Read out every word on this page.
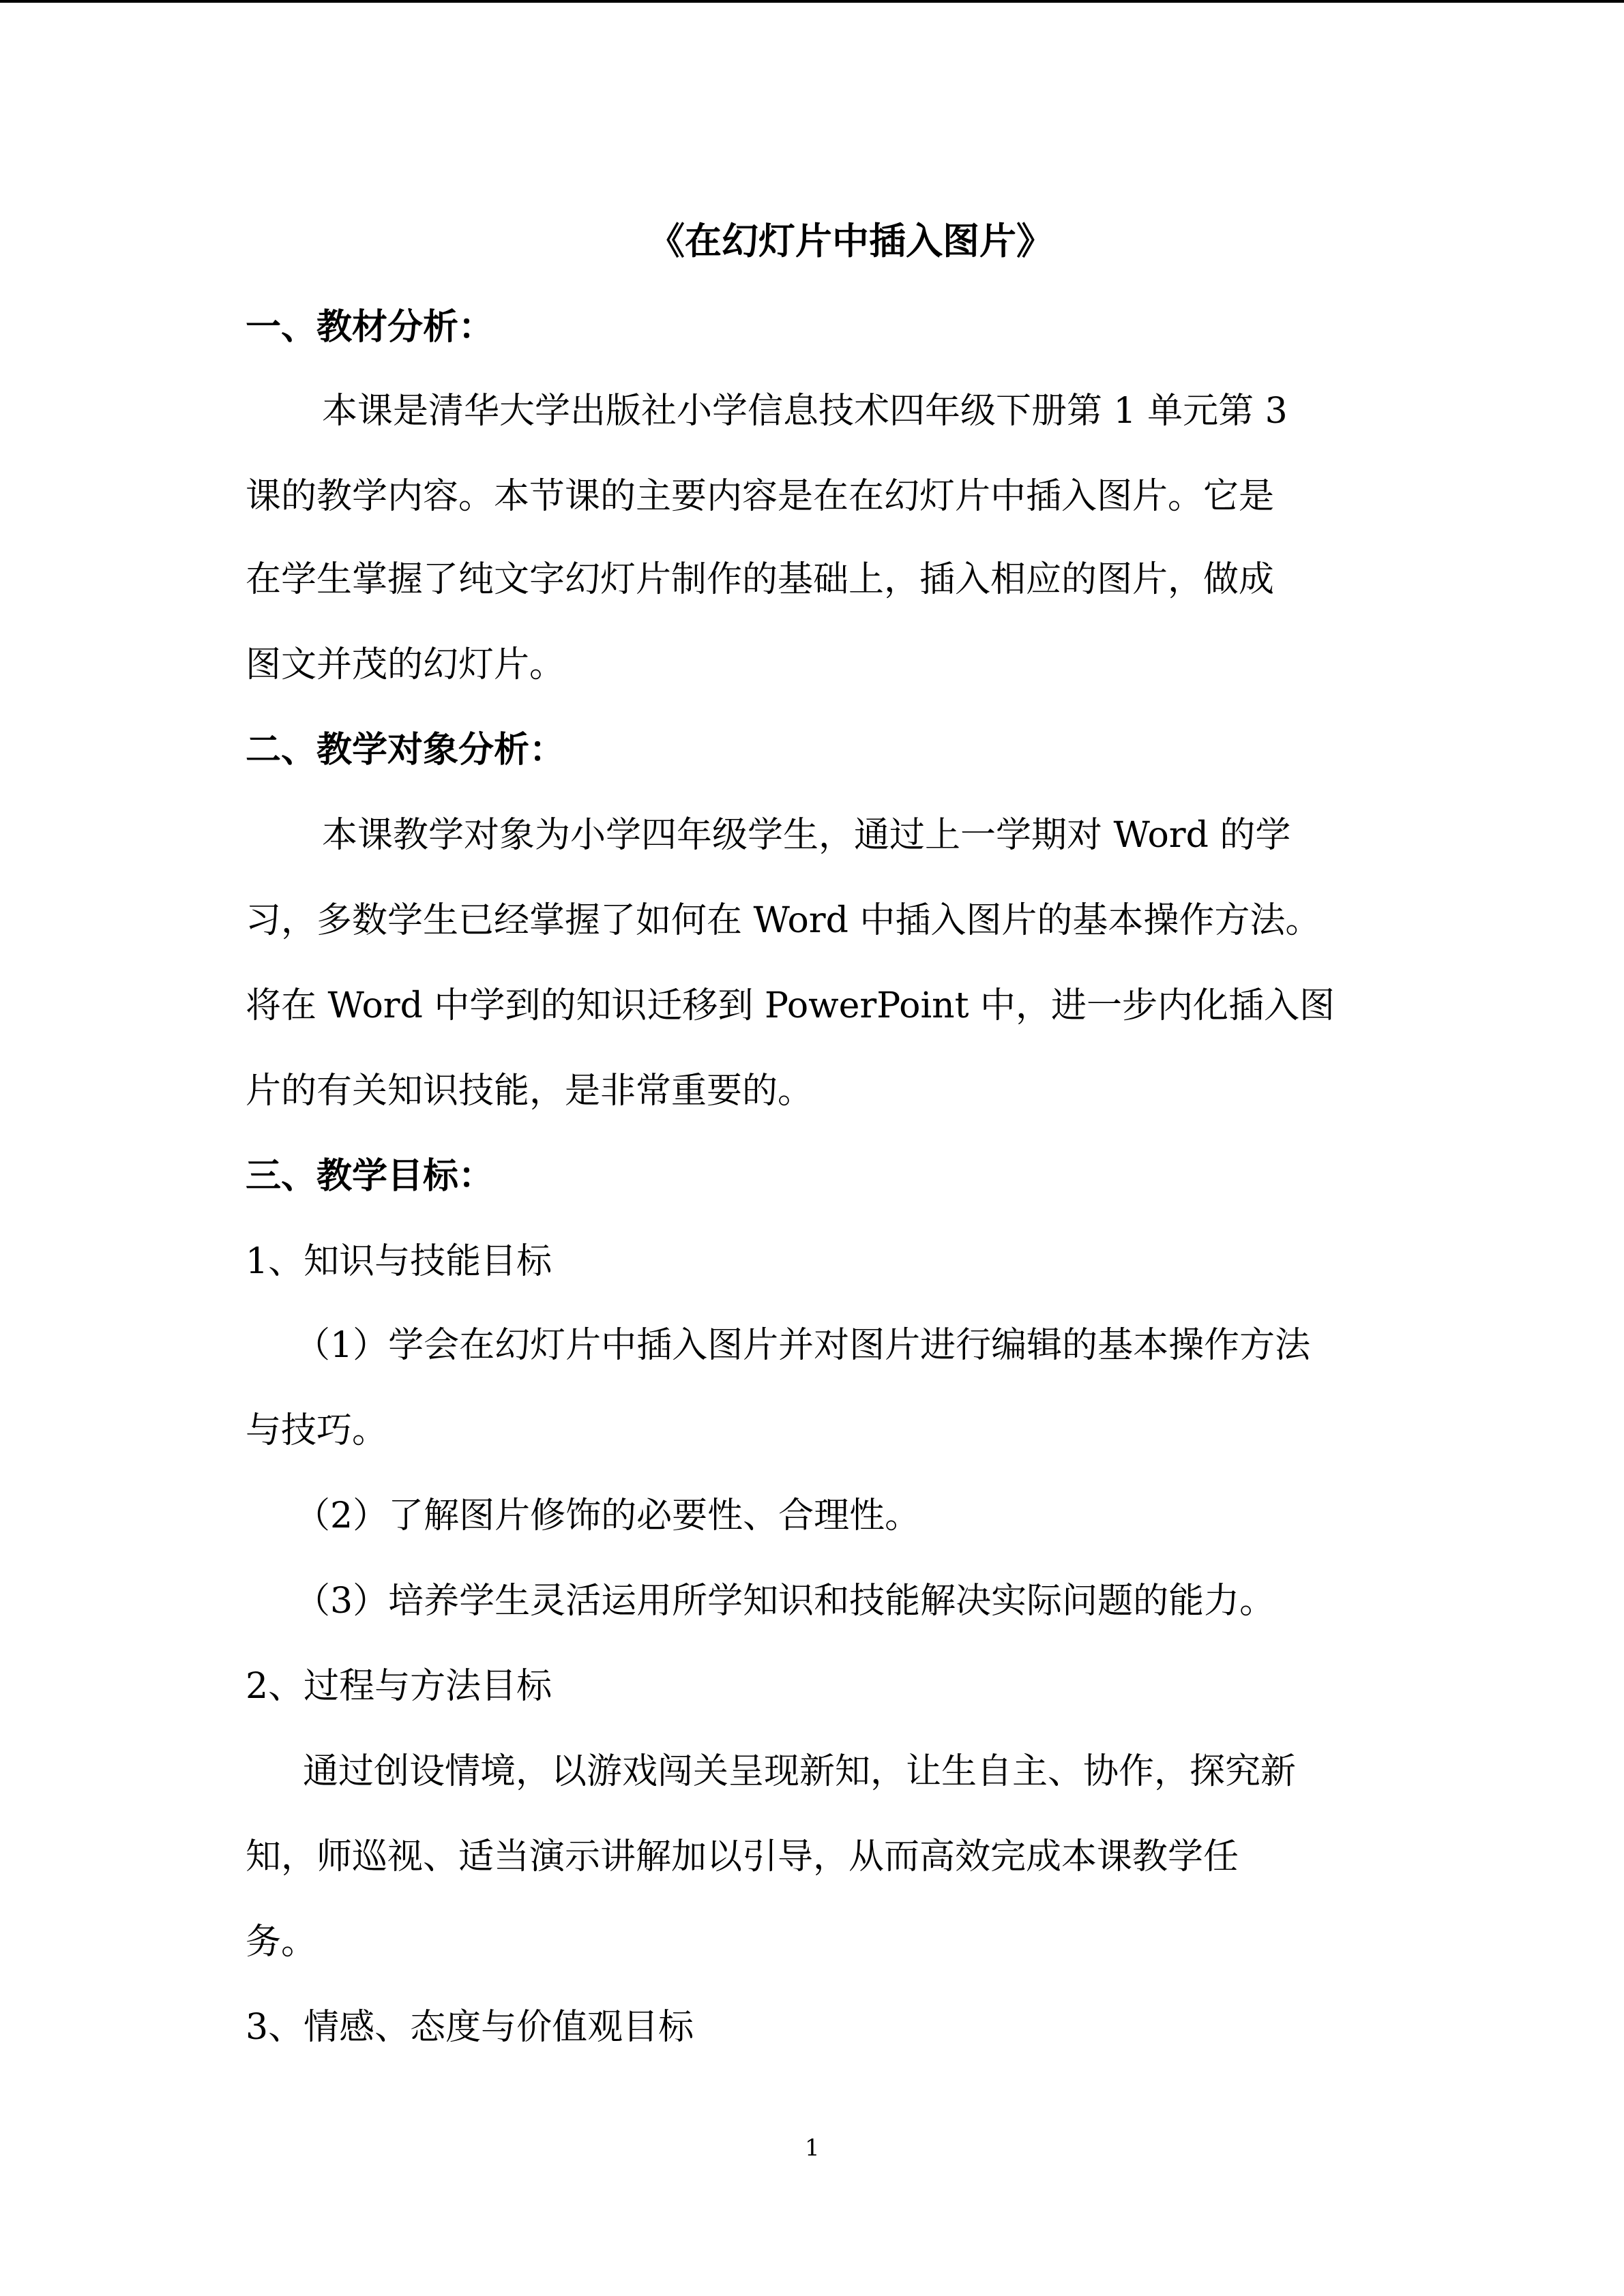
《在幻灯片中插入图片》
一、教材分析：
本课是清华大学出版社小学信息技术四年级下册第 1 单元第 3
课的教学内容。本节课的主要内容是在在幻灯片中插入图片。它是
在学生掌握了纯文字幻灯片制作的基础上，插入相应的图片，做成
图文并茂的幻灯片。
二、教学对象分析：
本课教学对象为小学四年级学生，通过上一学期对 Word 的学
习，多数学生已经掌握了如何在 Word 中插入图片的基本操作方法。
将在 Word 中学到的知识迁移到 PowerPoint 中，进一步内化插入图
片的有关知识技能，是非常重要的。
三、教学目标：
1、知识与技能目标
（1）学会在幻灯片中插入图片并对图片进行编辑的基本操作方法
与技巧。
（2）了解图片修饰的必要性、合理性。
（3）培养学生灵活运用所学知识和技能解决实际问题的能力。
2、过程与方法目标
通过创设情境，以游戏闯关呈现新知，让生自主、协作，探究新
知，师巡视、适当演示讲解加以引导，从而高效完成本课教学任
务。
3、情感、态度与价值观目标
1
